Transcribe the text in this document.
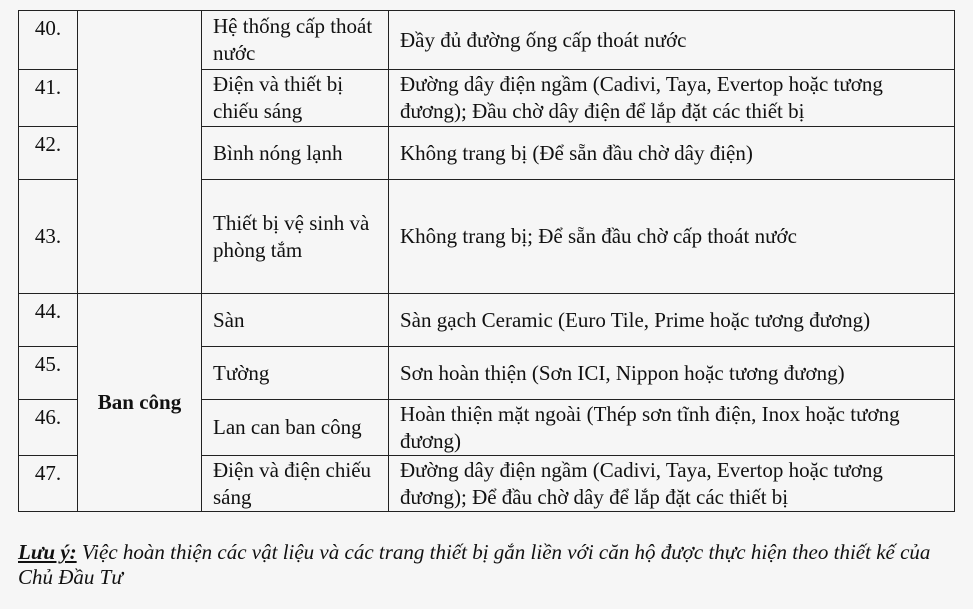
40.		Hệ thống cấp thoát nước	Đầy đủ đường ống cấp thoát nước

41.		Điện và thiết bị chiếu sáng	Đường dây điện ngầm (Cadivi, Taya, Evertop hoặc tương đương); Đầu chờ dây điện để lắp đặt các thiết bị

42.		Bình nóng lạnh	Không trang bị (Để sẵn đầu chờ dây điện)

43.		Thiết bị vệ sinh và phòng tắm	Không trang bị; Để sẵn đầu chờ cấp thoát nước

44.	Ban công	Sàn	Sàn gạch Ceramic (Euro Tile, Prime hoặc tương đương)

45.		Tường	Sơn hoàn thiện (Sơn ICI, Nippon hoặc tương đương)

46.		Lan can ban công	Hoàn thiện mặt ngoài (Thép sơn tĩnh điện, Inox hoặc tương đương)

47.		Điện và điện chiếu sáng	Đường dây điện ngầm (Cadivi, Taya, Evertop hoặc tương đương); Để đầu chờ dây để lắp đặt các thiết bị
Lưu ý: Việc hoàn thiện các vật liệu và các trang thiết bị gắn liền với căn hộ được thực hiện theo thiết kế của Chủ Đầu Tư
